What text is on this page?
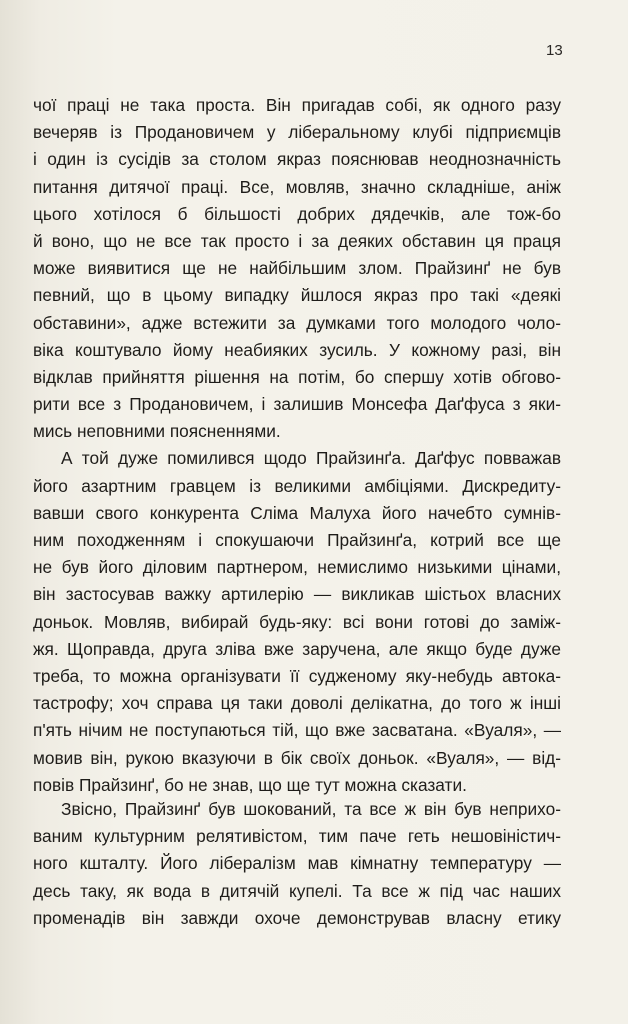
13
чої праці не така проста. Він пригадав собі, як одного разу
вечеряв із Продановичем у ліберальному клубі підприємців
і один із сусідів за столом якраз пояснював неоднозначність
питання дитячої праці. Все, мовляв, значно складніше, аніж
цього хотілося б більшості добрих дядечків, але тож-бо
й воно, що не все так просто і за деяких обставин ця праця
може виявитися ще не найбільшим злом. Прайзинґ не був
певний, що в цьому випадку йшлося якраз про такі «деякі
обставини», адже встежити за думками того молодого чоло-
віка коштувало йому неабияких зусиль. У кожному разі, він
відклав прийняття рішення на потім, бо спершу хотів обгово-
рити все з Продановичем, і залишив Монсефа Даґфуса з яки-
мись неповними поясненнями.
А той дуже помилився щодо Прайзинґа. Даґфус повважав
його азартним гравцем із великими амбіціями. Дискредиту-
вавши свого конкурента Сліма Малуха його начебто сумнів-
ним походженням і спокушаючи Прайзинґа, котрий все ще
не був його діловим партнером, немислимо низькими цінами,
він застосував важку артилерію — викликав шістьох власних
доньок. Мовляв, вибирай будь-яку: всі вони готові до заміж-
жя. Щоправда, друга зліва вже заручена, але якщо буде дуже
треба, то можна організувати її судженому яку-небудь автока-
тастрофу; хоч справа ця таки доволі делікатна, до того ж інші
п'ять нічим не поступаються тій, що вже засватана. «Вуаля», —
мовив він, рукою вказуючи в бік своїх доньок. «Вуаля», — від-
повів Прайзинґ, бо не знав, що ще тут можна сказати.
Звісно, Прайзинґ був шокований, та все ж він був неприхо-
ваним культурним релятивістом, тим паче геть нешовіністич-
ного кшталту. Його лібералізм мав кімнатну температуру —
десь таку, як вода в дитячій купелі. Та все ж під час наших
променадів він завжди охоче демонстрував власну етику
